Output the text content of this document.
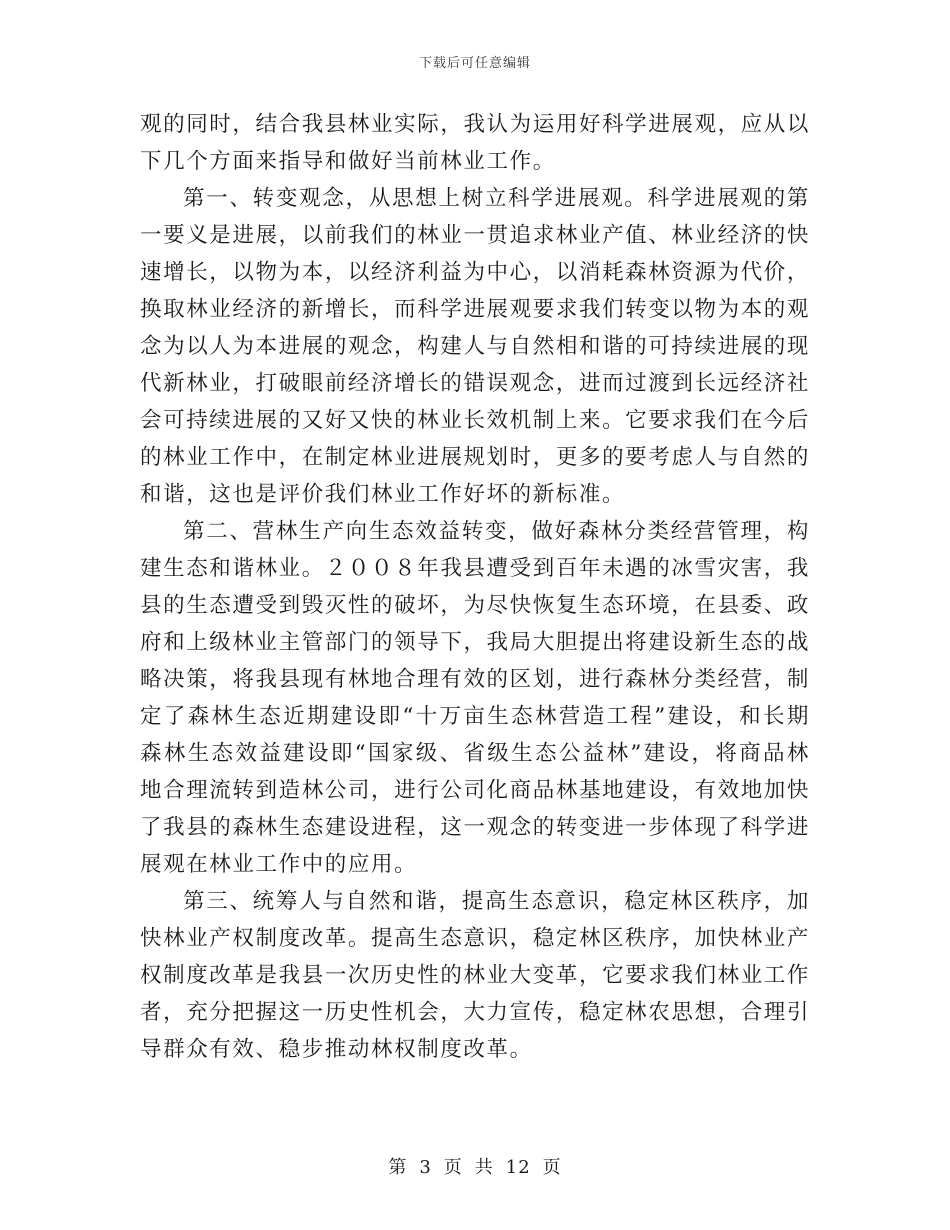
下载后可任意编辑

观的同时，结合我县林业实际，我认为运用好科学进展观，应从以下几个方面来指导和做好当前林业工作。

第一、转变观念，从思想上树立科学进展观。科学进展观的第一要义是进展，以前我们的林业一贯追求林业产值、林业经济的快速增长，以物为本，以经济利益为中心，以消耗森林资源为代价，换取林业经济的新增长，而科学进展观要求我们转变以物为本的观念为以人为本进展的观念，构建人与自然相和谐的可持续进展的现代新林业，打破眼前经济增长的错误观念，进而过渡到长远经济社会可持续进展的又好又快的林业长效机制上来。它要求我们在今后的林业工作中，在制定林业进展规划时，更多的要考虑人与自然的和谐，这也是评价我们林业工作好坏的新标准。

第二、营林生产向生态效益转变，做好森林分类经营管理，构建生态和谐林业。２００８年我县遭受到百年未遇的冰雪灾害，我县的生态遭受到毁灭性的破坏，为尽快恢复生态环境，在县委、政府和上级林业主管部门的领导下，我局大胆提出将建设新生态的战略决策，将我县现有林地合理有效的区划，进行森林分类经营，制定了森林生态近期建设即“十万亩生态林营造工程”建设，和长期森林生态效益建设即“国家级、省级生态公益林”建设，将商品林地合理流转到造林公司，进行公司化商品林基地建设，有效地加快了我县的森林生态建设进程，这一观念的转变进一步体现了科学进展观在林业工作中的应用。

第三、统筹人与自然和谐，提高生态意识，稳定林区秩序，加快林业产权制度改革。提高生态意识，稳定林区秩序，加快林业产权制度改革是我县一次历史性的林业大变革，它要求我们林业工作者，充分把握这一历史性机会，大力宣传，稳定林农思想，合理引导群众有效、稳步推动林权制度改革。

第 3 页 共 12 页
